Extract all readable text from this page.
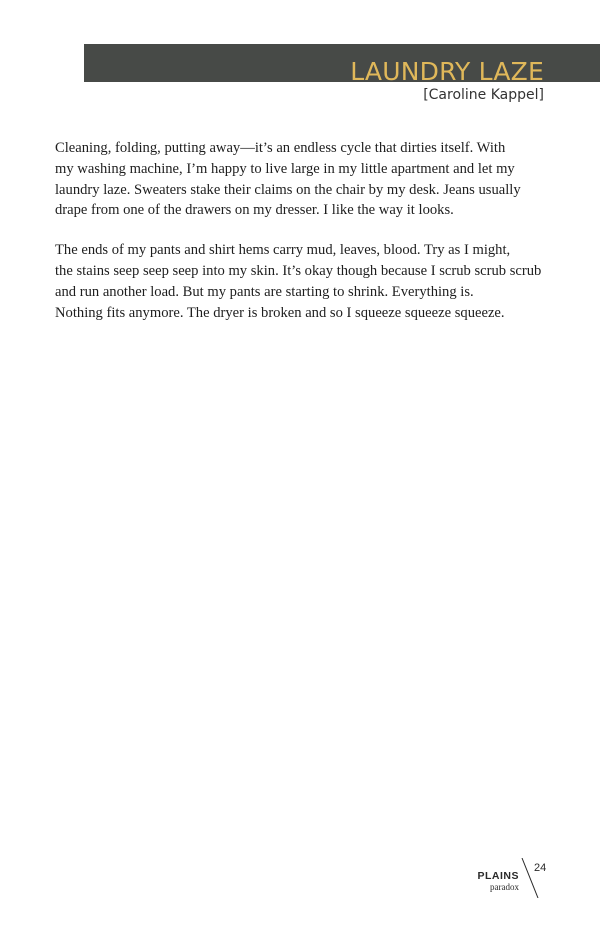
LAUNDRY LAZE
[Caroline Kappel]

Cleaning, folding, putting away—it’s an endless cycle that dirties itself. With
my washing machine, I’m happy to live large in my little apartment and let my
laundry laze. Sweaters stake their claims on the chair by my desk. Jeans usually
drape from one of the drawers on my dresser. I like the way it looks.

The ends of my pants and shirt hems carry mud, leaves, blood. Try as I might,
the stains seep seep seep into my skin. It’s okay though because I scrub scrub scrub
and run another load. But my pants are starting to shrink. Everything is.
Nothing fits anymore. The dryer is broken and so I squeeze squeeze squeeze.

PLAINS
paradox
24
